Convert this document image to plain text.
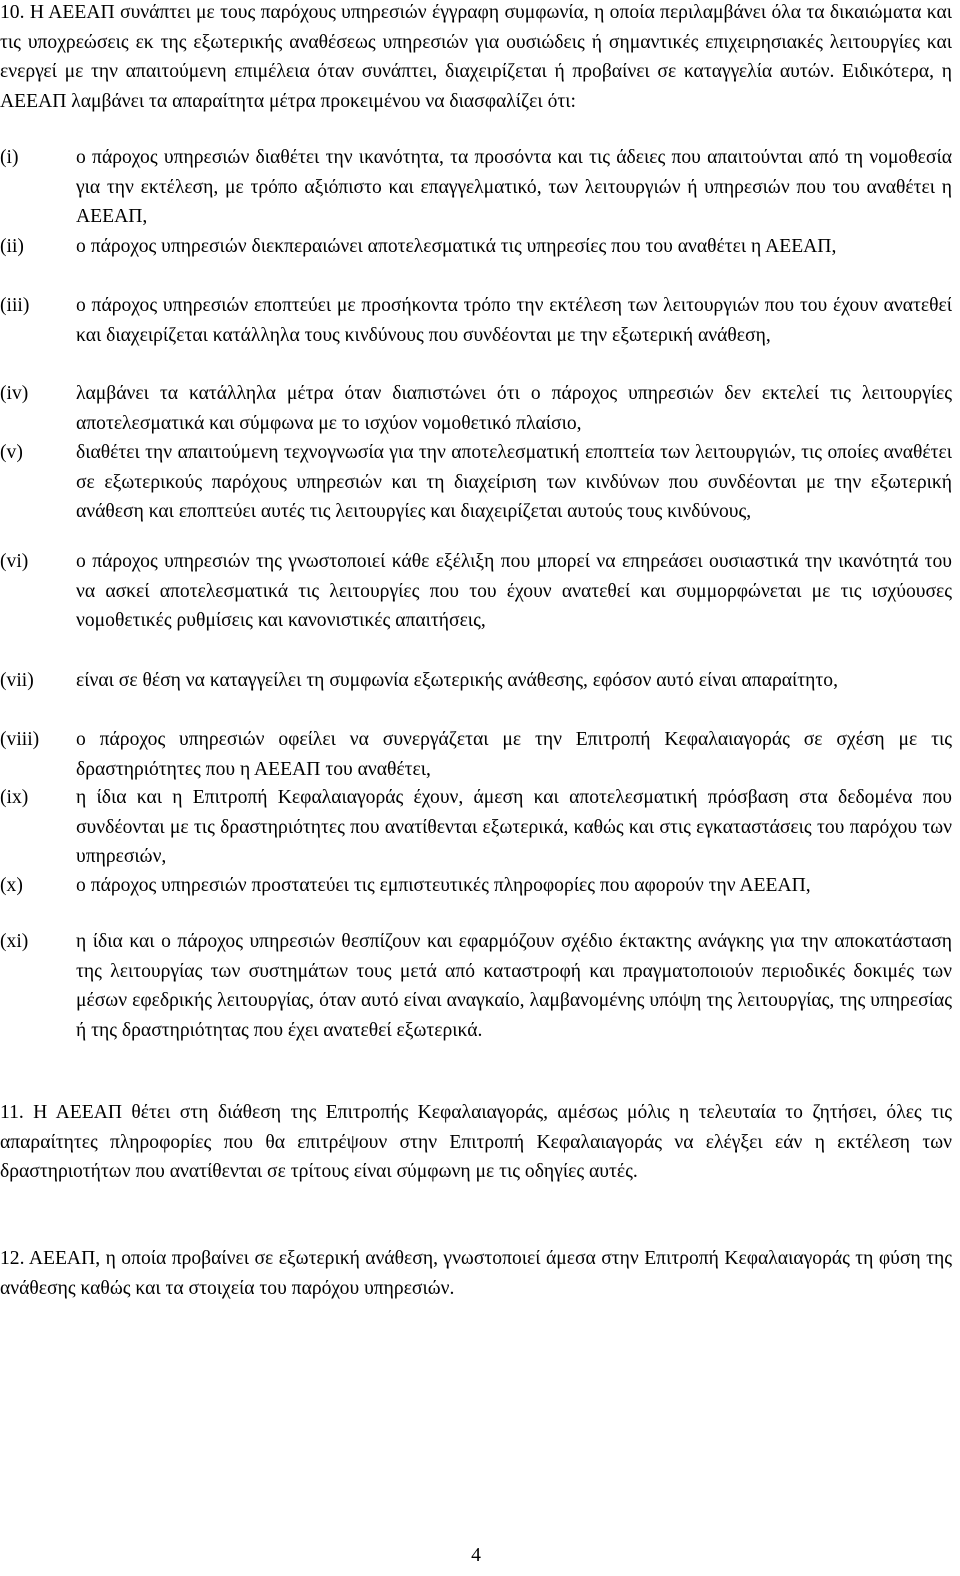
10. Η ΑΕΕΑΠ συνάπτει με τους παρόχους υπηρεσιών έγγραφη συμφωνία, η οποία περιλαμβάνει όλα τα δικαιώματα και τις υποχρεώσεις εκ της εξωτερικής αναθέσεως υπηρεσιών για ουσιώδεις ή σημαντικές επιχειρησιακές λειτουργίες και ενεργεί με την απαιτούμενη επιμέλεια όταν συνάπτει, διαχειρίζεται ή προβαίνει σε καταγγελία αυτών. Ειδικότερα, η ΑΕΕΑΠ λαμβάνει τα απαραίτητα μέτρα προκειμένου να διασφαλίζει ότι:
(i)	ο πάροχος υπηρεσιών διαθέτει την ικανότητα, τα προσόντα και τις άδειες που απαιτούνται από τη νομοθεσία για την εκτέλεση, με τρόπο αξιόπιστο και επαγγελματικό, των λειτουργιών ή υπηρεσιών που του αναθέτει η ΑΕΕΑΠ,
(ii)	ο πάροχος υπηρεσιών διεκπεραιώνει αποτελεσματικά τις υπηρεσίες που του αναθέτει η ΑΕΕΑΠ,
(iii) ο πάροχος υπηρεσιών εποπτεύει με προσήκοντα τρόπο την εκτέλεση των λειτουργιών που του έχουν ανατεθεί και διαχειρίζεται κατάλληλα τους κινδύνους που συνδέονται με την εξωτερική ανάθεση,
(iv) λαμβάνει τα κατάλληλα μέτρα όταν διαπιστώνει ότι ο πάροχος υπηρεσιών δεν εκτελεί τις λειτουργίες αποτελεσματικά και σύμφωνα με το ισχύον νομοθετικό πλαίσιο,
(v)	διαθέτει την απαιτούμενη τεχνογνωσία για την αποτελεσματική εποπτεία των λειτουργιών, τις οποίες αναθέτει σε εξωτερικούς παρόχους υπηρεσιών και τη διαχείριση των κινδύνων που συνδέονται με την εξωτερική ανάθεση και εποπτεύει αυτές τις λειτουργίες και διαχειρίζεται αυτούς τους κινδύνους,
(vi) ο πάροχος υπηρεσιών της γνωστοποιεί κάθε εξέλιξη που μπορεί να επηρεάσει ουσιαστικά την ικανότητά του να ασκεί αποτελεσματικά τις λειτουργίες που του έχουν ανατεθεί και συμμορφώνεται με τις ισχύουσες νομοθετικές ρυθμίσεις και κανονιστικές απαιτήσεις,
(vii) είναι σε θέση να καταγγείλει τη συμφωνία εξωτερικής ανάθεσης, εφόσον αυτό είναι απαραίτητο,
(viii) ο πάροχος υπηρεσιών οφείλει να συνεργάζεται με την Επιτροπή Κεφαλαιαγοράς σε σχέση με τις δραστηριότητες που η ΑΕΕΑΠ του αναθέτει,
(ix) η ίδια και η Επιτροπή Κεφαλαιαγοράς έχουν, άμεση και αποτελεσματική πρόσβαση στα δεδομένα που συνδέονται με τις δραστηριότητες που ανατίθενται εξωτερικά, καθώς και στις εγκαταστάσεις του παρόχου των υπηρεσιών,
(x)	ο πάροχος υπηρεσιών προστατεύει τις εμπιστευτικές πληροφορίες που αφορούν την ΑΕΕΑΠ,
(xi) η ίδια και ο πάροχος υπηρεσιών θεσπίζουν και εφαρμόζουν σχέδιο έκτακτης ανάγκης για την αποκατάσταση της λειτουργίας των συστημάτων τους μετά από καταστροφή και πραγματοποιούν περιοδικές δοκιμές των μέσων εφεδρικής λειτουργίας, όταν αυτό είναι αναγκαίο, λαμβανομένης υπόψη της λειτουργίας, της υπηρεσίας ή της δραστηριότητας που έχει ανατεθεί εξωτερικά.
11. Η ΑΕΕΑΠ θέτει στη διάθεση της Επιτροπής Κεφαλαιαγοράς, αμέσως μόλις η τελευταία το ζητήσει, όλες τις απαραίτητες πληροφορίες που θα επιτρέψουν στην Επιτροπή Κεφαλαιαγοράς να ελέγξει εάν η εκτέλεση των δραστηριοτήτων που ανατίθενται σε τρίτους είναι σύμφωνη με τις οδηγίες αυτές.
12. ΑΕΕΑΠ, η οποία προβαίνει σε εξωτερική ανάθεση, γνωστοποιεί άμεσα στην Επιτροπή Κεφαλαιαγοράς τη φύση της ανάθεσης καθώς και τα στοιχεία του παρόχου υπηρεσιών.
4
